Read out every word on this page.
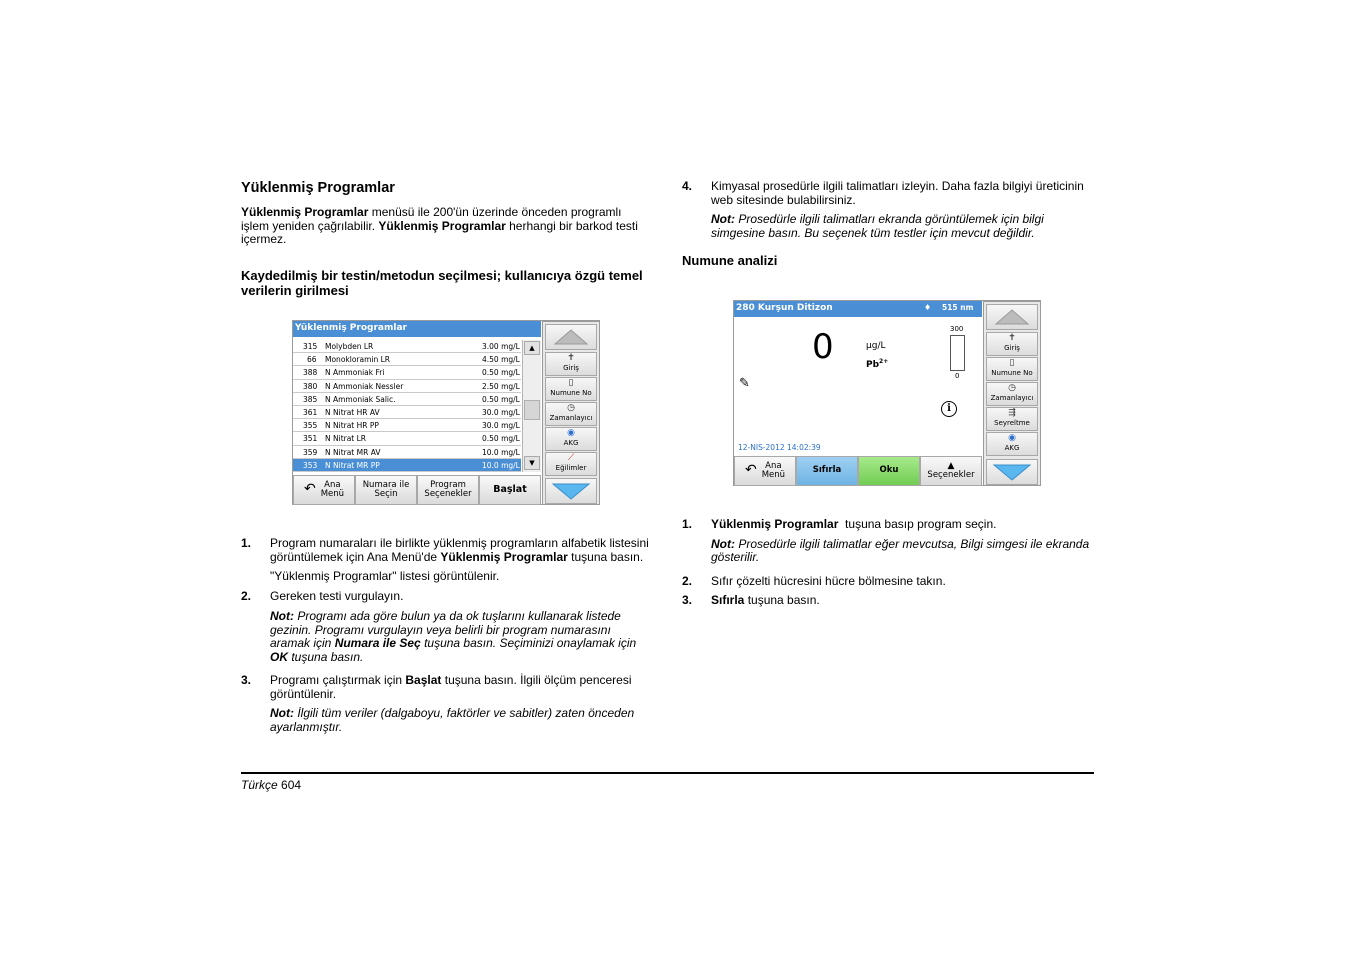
Yüklenmiş Programlar

Yüklenmiş Programlar menüsü ile 200'ün üzerinde önceden programlı işlem yeniden çağrılabilir. Yüklenmiş Programlar herhangi bir barkod testi içermez.

Kaydedilmiş bir testin/metodun seçilmesi; kullanıcıya özgü temel verilerin girilmesi
1. Program numaraları ile birlikte yüklenmiş programların alfabetik listesini görüntülemek için Ana Menü'de Yüklenmiş Programlar tuşuna basın.
"Yüklenmiş Programlar" listesi görüntülenir.
2. Gereken testi vurgulayın.
Not: Programı ada göre bulun ya da ok tuşlarını kullanarak listede gezinin. Programı vurgulayın veya belirli bir program numarasını aramak için Numara ile Seç tuşuna basın. Seçiminizi onaylamak için OK tuşuna basın.
3. Programı çalıştırmak için Başlat tuşuna basın. İlgili ölçüm penceresi görüntülenir.
Not: İlgili tüm veriler (dalgaboyu, faktörler ve sabitler) zaten önceden ayarlanmıştır.
Yüklenmiş Programlar
315 Molybden LR	3.00 mg/L
66 Monokloramin LR	4.50 mg/L
388 N Ammoniak Fri	0.50 mg/L
380 N Ammoniak Nessler	2.50 mg/L
385 N Ammoniak Salic.	0.50 mg/L
361 N Nitrat HR AV	30.0 mg/L
355 N Nitrat HR PP	30.0 mg/L
351 N Nitrat LR	0.50 mg/L
359 N Nitrat MR AV	10.0 mg/L
353 N Nitrat MR PP	10.0 mg/L
▲
▼
✝
Giriş
▯
Numune No
◷
Zamanlayıcı
◉
AKG
⟋
Eğilimler
↶ Ana
Menü
Numara ile
Seçin
Program
Seçenekler Başlat
4. Kimyasal prosedürle ilgili talimatları izleyin. Daha fazla bilgiyi üreticinin web sitesinde bulabilirsiniz.
Not: Prosedürle ilgili talimatları ekranda görüntülemek için bilgi simgesine basın. Bu seçenek tüm testler için mevcut değildir.
Numune analizi
1. Yüklenmiş Programlar  tuşuna basıp program seçin.
Not: Prosedürle ilgili talimatlar eğer mevcutsa, Bilgi simgesi ile ekranda gösterilir.
2. Sıfır çözelti hücresini hücre bölmesine takın.
3. Sıfırla tuşuna basın.
280 Kurşun Ditizon	♦ 515 nm
0	µg/L
$Pb^{2+}$
300
0
✎
i
12-NIS-2012 14:02:39
✝
Giriş
▯
Numune No
◷
Zamanlayıcı
⇶
Seyreltme
◉
AKG
↶ Ana
Menü	Sıfırla	Oku	▲
Seçenekler
Türkçe 604
